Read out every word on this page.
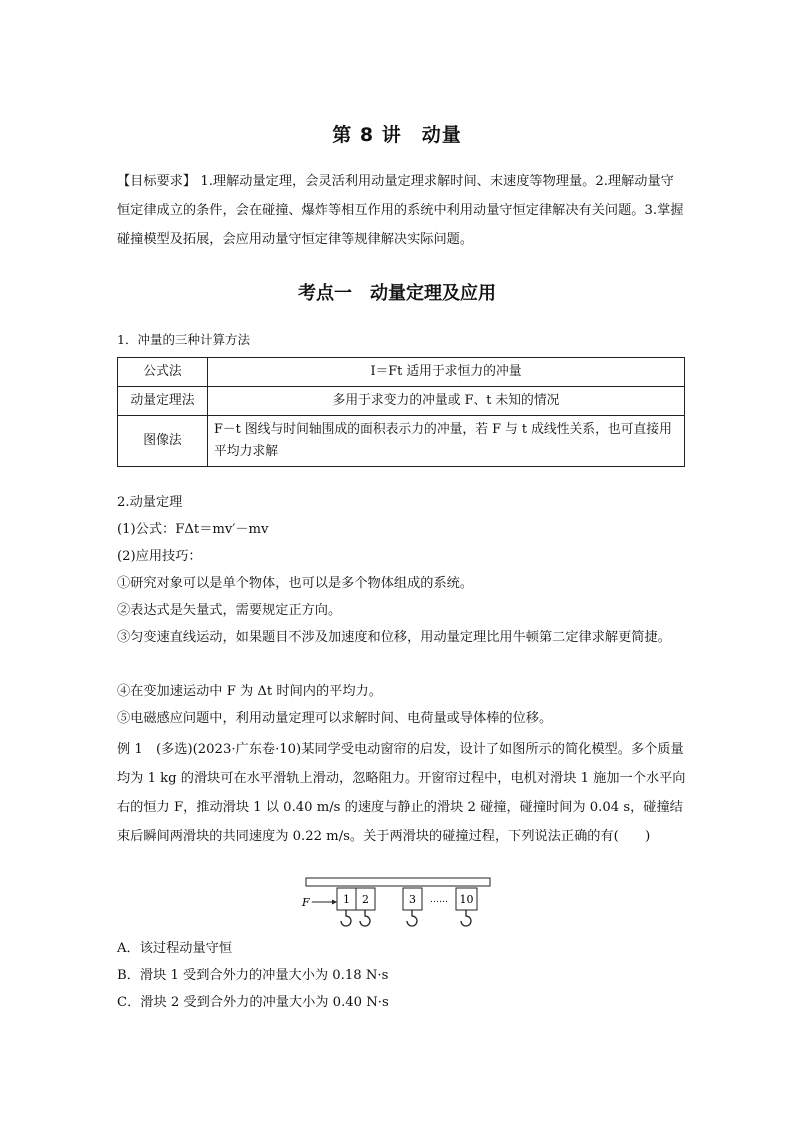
第 8 讲　动量
【目标要求】 1.理解动量定理，会灵活利用动量定理求解时间、末速度等物理量。2.理解动量守恒定律成立的条件，会在碰撞、爆炸等相互作用的系统中利用动量守恒定律解决有关问题。3.掌握碰撞模型及拓展，会应用动量守恒定律等规律解决实际问题。
考点一　动量定理及应用
1．冲量的三种计算方法
公式法	I＝Ft 适用于求恒力的冲量
动量定理法	多用于求变力的冲量或 F、t 未知的情况
图像法	F－t 图线与时间轴围成的面积表示力的冲量，若 F 与 t 成线性关系，也可直接用平均力求解
2.动量定理
(1)公式：FΔt＝mv′－mv
(2)应用技巧：
①研究对象可以是单个物体，也可以是多个物体组成的系统。
②表达式是矢量式，需要规定正方向。
③匀变速直线运动，如果题目不涉及加速度和位移，用动量定理比用牛顿第二定律求解更简捷。
④在变加速运动中 F 为 Δt 时间内的平均力。
⑤电磁感应问题中，利用动量定理可以求解时间、电荷量或导体棒的位移。
例 1　(多选)(2023·广东卷·10)某同学受电动窗帘的启发，设计了如图所示的简化模型。多个质量均为 1 kg 的滑块可在水平滑轨上滑动，忽略阻力。开窗帘过程中，电机对滑块 1 施加一个水平向右的恒力 F，推动滑块 1 以 0.40 m/s 的速度与静止的滑块 2 碰撞，碰撞时间为 0.04 s，碰撞结束后瞬间两滑块的共同速度为 0.22 m/s。关于两滑块的碰撞过程，下列说法正确的有(　　)
F	1 2	3 …… 10
A．该过程动量守恒
B．滑块 1 受到合外力的冲量大小为 0.18 N·s
C．滑块 2 受到合外力的冲量大小为 0.40 N·s
